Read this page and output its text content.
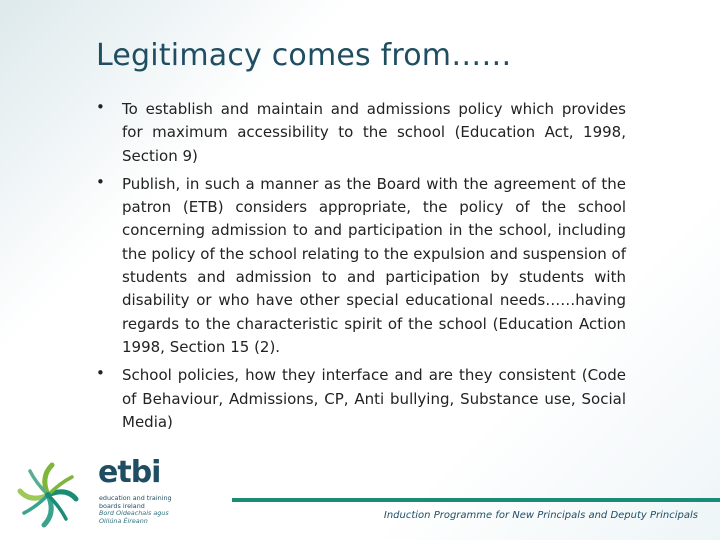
Legitimacy comes from……
• To establish and maintain and admissions policy which provides for maximum accessibility to the school (Education Act, 1998, Section 9)
• Publish, in such a manner as the Board with the agreement of the patron (ETB) considers appropriate, the policy of the school concerning admission to and participation in the school, including the policy of the school relating to the expulsion and suspension of students and admission to and participation by students with disability or who have other special educational needs……having regards to the characteristic spirit of the school (Education Action 1998, Section 15 (2).
• School policies, how they interface and are they consistent (Code of Behaviour, Admissions, CP, Anti bullying, Substance use, Social Media)
etbi
education and training
boards ireland
Bord Oideachais agus
Oiliúna Éireann	Induction Programme for New Principals and Deputy Principals
